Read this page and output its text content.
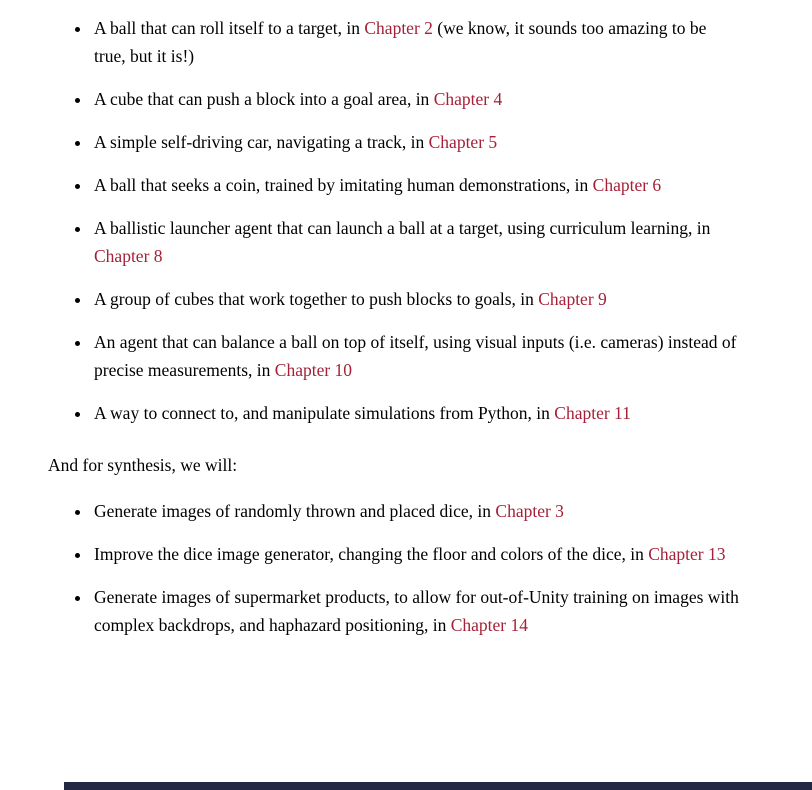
• A ball that can roll itself to a target, in Chapter 2 (we know, it sounds too amazing to be true, but it is!)
• A cube that can push a block into a goal area, in Chapter 4
• A simple self-driving car, navigating a track, in Chapter 5
• A ball that seeks a coin, trained by imitating human demonstrations, in Chapter 6
• A ballistic launcher agent that can launch a ball at a target, using curriculum learning, in Chapter 8
• A group of cubes that work together to push blocks to goals, in Chapter 9
• An agent that can balance a ball on top of itself, using visual inputs (i.e. cameras) instead of precise measurements, in Chapter 10
• A way to connect to, and manipulate simulations from Python, in Chapter 11

And for synthesis, we will:

• Generate images of randomly thrown and placed dice, in Chapter 3
• Improve the dice image generator, changing the floor and colors of the dice, in Chapter 13
• Generate images of supermarket products, to allow for out-of-Unity training on images with complex backdrops, and haphazard positioning, in Chapter 14
